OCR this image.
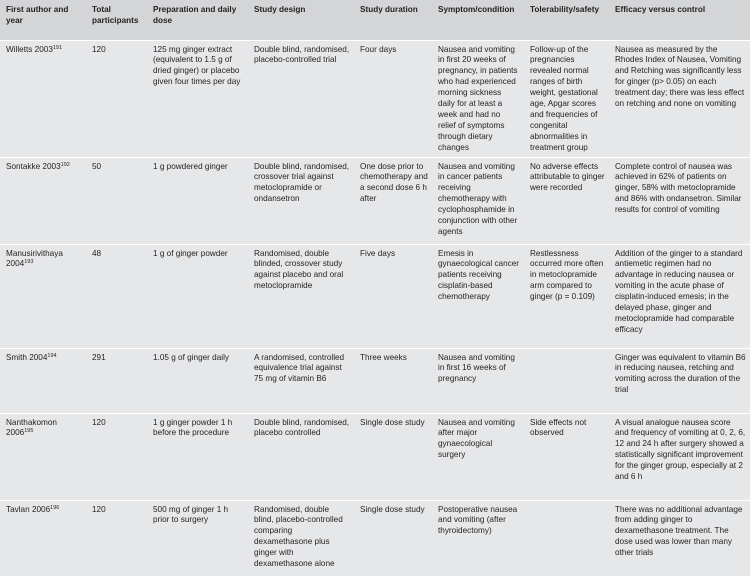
First author and year	Total participants	Preparation and daily dose	Study design	Study duration	Symptom/condition	Tolerability/safety	Efficacy versus control
Willetts 2003$^{191}$	120	125 mg ginger extract (equivalent to 1.5 g of dried ginger) or placebo given four times per day	Double blind, randomised, placebo-controlled trial	Four days	Nausea and vomiting in first 20 weeks of pregnancy, in patients who had experienced morning sickness daily for at least a week and had no relief of symptoms through dietary changes	Follow-up of the pregnancies revealed normal ranges of birth weight, gestational age, Apgar scores and frequencies of congenital abnormalities in treatment group	Nausea as measured by the Rhodes Index of Nausea, Vomiting and Retching was significantly less for ginger (p> 0.05) on each treatment day; there was less effect on retching and none on vomiting
Sontakke 2003$^{192}$	50	1 g powdered ginger	Double blind, randomised, crossover trial against metoclopramide or ondansetron	One dose prior to chemotherapy and a second dose 6 h after	Nausea and vomiting in cancer patients receiving chemotherapy with cyclophosphamide in conjunction with other agents	No adverse effects attributable to ginger were recorded	Complete control of nausea was achieved in 62% of patients on ginger, 58% with metoclopramide and 86% with ondansetron. Similar results for control of vomiting
Manusirivithaya 2004$^{193}$	48	1 g of ginger powder	Randomised, double blinded, crossover study against placebo and oral metoclopramide	Five days	Emesis in gynaecological cancer patients receiving cisplatin-based chemotherapy	Restlessness occurred more often in metoclopramide arm compared to ginger (p = 0.109)	Addition of the ginger to a standard antiemetic regimen had no advantage in reducing nausea or vomiting in the acute phase of cisplatin-induced emesis; in the delayed phase, ginger and metoclopramide had comparable efficacy
Smith 2004$^{194}$	291	1.05 g of ginger daily	A randomised, controlled equivalence trial against 75 mg of vitamin B6	Three weeks	Nausea and vomiting in first 16 weeks of pregnancy		Ginger was equivalent to vitamin B6 in reducing nausea, retching and vomiting across the duration of the trial
Nanthakomon 2006$^{195}$	120	1 g ginger powder 1 h before the procedure	Double blind, randomised, placebo controlled	Single dose study	Nausea and vomiting after major gynaecological surgery	Side effects not observed	A visual analogue nausea score and frequency of vomiting at 0, 2, 6, 12 and 24 h after surgery showed a statistically significant improvement for the ginger group, especially at 2 and 6 h
Tavlan 2006$^{196}$	120	500 mg of ginger 1 h prior to surgery	Randomised, double blind, placebo-controlled comparing dexamethasone plus ginger with dexamethasone alone	Single dose study	Postoperative nausea and vomiting (after thyroidectomy)		There was no additional advantage from adding ginger to dexamethasone treatment. The dose used was lower than many other trials
